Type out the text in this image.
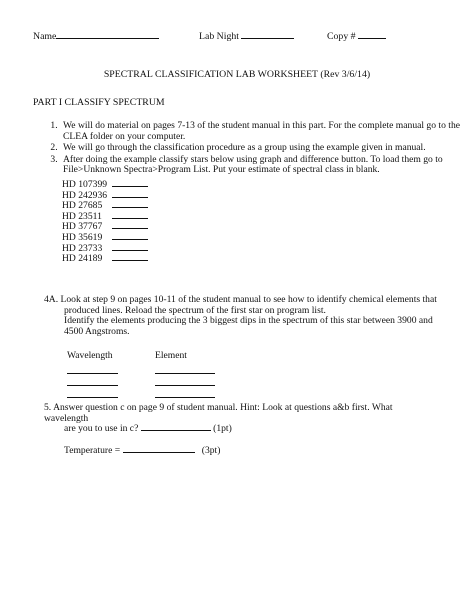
Name	Lab Night	Copy #
SPECTRAL CLASSIFICATION LAB WORKSHEET (Rev 3/6/14)
PART I CLASSIFY SPECTRUM
1. We will do material on pages 7-13 of the student manual in this part. For the complete manual go to the CLEA folder on your computer.
2. We will go through the classification procedure as a group using the example given in manual.
3. After doing the example classify stars below using graph and difference button. To load them go to File>Unknown Spectra>Program List. Put your estimate of spectral class in blank.
HD 107399
HD 242936
HD 27685
HD 23511
HD 37767
HD 35619
HD 23733
HD 24189
4A. Look at step 9 on pages 10-11 of the student manual to see how to identify chemical elements that
produced lines. Reload the spectrum of the first star on program list.
Identify the elements producing the 3 biggest dips in the spectrum of this star between 3900 and
4500 Angstroms.
Wavelength	Element
5. Answer question c on page 9 of student manual. Hint: Look at questions a&b first. What wavelength
are you to use in c?	(1pt)
Temperature =	(3pt)
